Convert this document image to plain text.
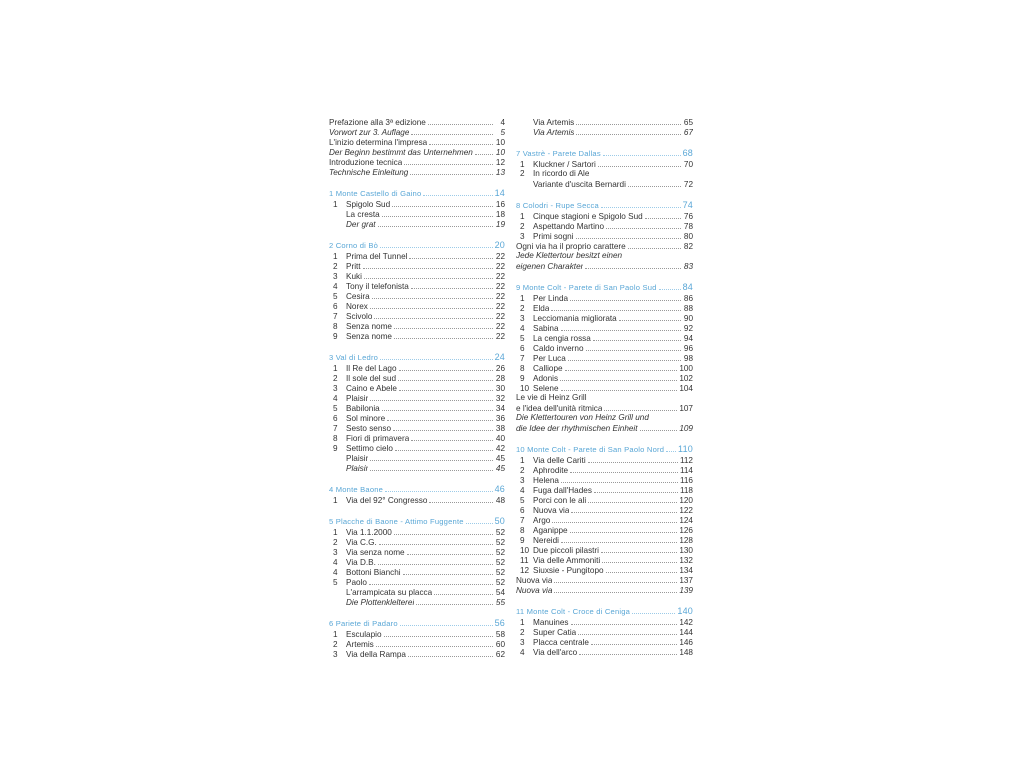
Prefazione alla 3ª edizione	4
Vorwort zur 3. Auflage	5
L'inizio determina l'impresa	10
Der Beginn bestimmt das Unternehmen	10
Introduzione tecnica	12
Technische Einleitung	13
1 Monte Castello di Gaino	14
1	Spigolo Sud	16
La cresta	18
Der grat	19
2 Corno di Bò	20
1	Prima del Tunnel	22
2	Pritt	22
3	Kuki	22
4	Tony il telefonista	22
5	Cesira	22
6	Norex	22
7	Scivolo	22
8	Senza nome	22
9	Senza nome	22
3 Val di Ledro	24
1	Il Re del Lago	26
2	Il sole del sud	28
3	Caino e Abele	30
4	Plaisir	32
5	Babilonia	34
6	Sol minore	36
7	Sesto senso	38
8	Fiori di primavera	40
9	Settimo cielo	42
Plaisir	45
Plaisir	45
4 Monte Baone	46
1	Via del 92° Congresso	48
5 Placche di Baone - Attimo Fuggente	50
1	Via 1.1.2000	52
2	Via C.G.	52
3	Via senza nome	52
4	Via D.B.	52
4	Bottoni Bianchi	52
5	Paolo	52
L'arrampicata su placca	54
Die Plottenklelterei	55
6 Pariete di Padaro	56
1	Esculapio	58
2	Artemis	60
3	Via della Rampa	62
Via Artemis	65
Via Artemis	67
7 Vastrè - Parete Dallas	68
1	Kluckner / Sartori	70
2	In ricordo di Ale
Variante d'uscita Bernardi	72
8 Colodri - Rupe Secca	74
1	Cinque stagioni e Spigolo Sud	76
2	Aspettando Martino	78
3	Primi sogni	80
Ogni via ha il proprio carattere	82
Jede Klettertour besitzt einen
eigenen Charakter	83
9 Monte Colt - Parete di San Paolo Sud	84
1	Per Linda	86
2	Elda	88
3	Lecciomania migliorata	90
4	Sabina	92
5	La cengia rossa	94
6	Caldo inverno	96
7	Per Luca	98
8	Calliope	100
9	Adonis	102
10 Selene	104
Le vie di Heinz Grill
e l'idea dell'unità ritmica	107
Die Klettertouren von Heinz Grill und
die Idee der rhythmischen Einheit	109
10 Monte Colt - Parete di San Paolo Nord 110
1	Via delle Cariti	112
2	Aphrodite	114
3	Helena	116
4	Fuga dall'Hades	118
5	Porci con le ali	120
6	Nuova via	122
7	Argo	124
8	Aganippe	126
9	Nereidi	128
10 Due piccoli pilastri	130
11 Via delle Ammoniti	132
12 Siuxsie - Pungitopo	134
Nuova via	137
Nuova via	139
11 Monte Colt - Croce di Ceniga	140
1	Manuines	142
2	Super Catia	144
3	Placca centrale	146
4	Via dell'arco	148
